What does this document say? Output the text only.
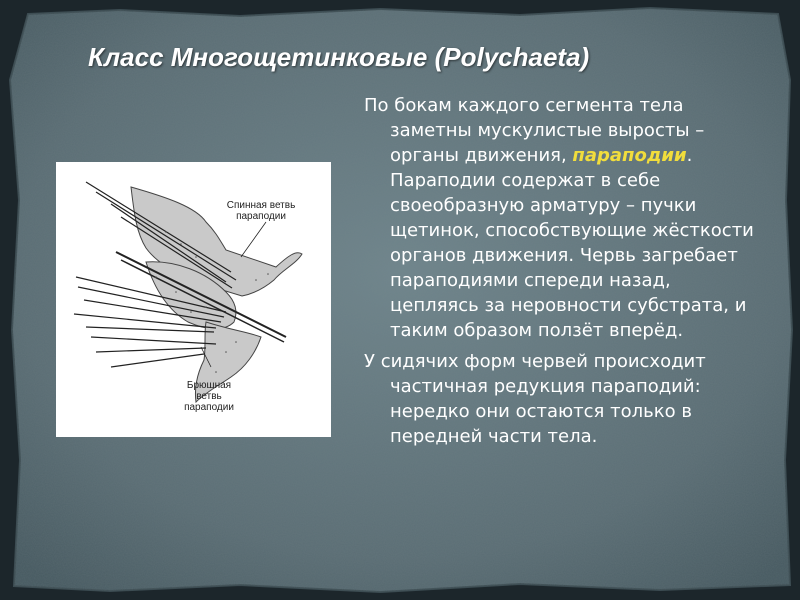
Класс Многощетинковые (Polychaeta)
Спинная ветвь
параподии
Брюшная
ветвь
параподии

По бокам каждого сегмента тела заметны мускулистые выросты – органы движения, параподии. Параподии содержат в себе своеобразную арматуру – пучки щетинок, способствующие жёсткости органов движения. Червь загребает параподиями спереди назад, цепляясь за неровности субстрата, и таким образом ползёт вперёд.

У сидячих форм червей происходит частичная редукция параподий: нередко они остаются только в передней части тела.
